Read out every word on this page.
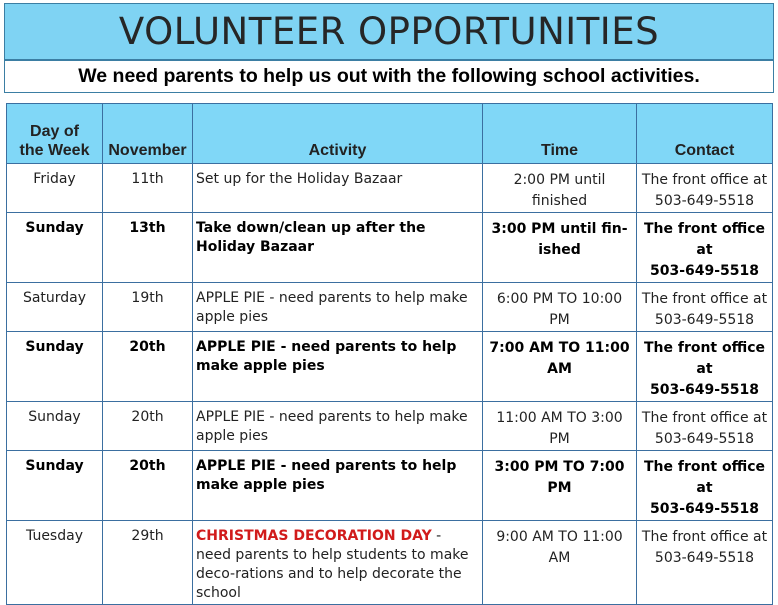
VOLUNTEER OPPORTUNITIES
We need parents to help us out with the following school activities.
Day of
the Week	November	Activity	Time	Contact
Friday	11th	Set up for the Holiday Bazaar	2:00 PM until finished	The front office at
503-649-5518
Sunday	13th	Take down/clean up after the Holiday Bazaar	3:00 PM until fin-ished	The front office at
503-649-5518
Saturday	19th	APPLE PIE - need parents to help make apple pies	6:00 PM TO 10:00 PM	The front office at
503-649-5518
Sunday	20th	APPLE PIE - need parents to help make apple pies	7:00 AM TO 11:00 AM	The front office at
503-649-5518
Sunday	20th	APPLE PIE - need parents to help make apple pies	11:00 AM TO 3:00 PM	The front office at
503-649-5518
Sunday	20th	APPLE PIE - need parents to help make apple pies	3:00 PM TO 7:00 PM	The front office at
503-649-5518
Tuesday	29th	CHRISTMAS DECORATION DAY - need parents to help students to make deco-rations and to help decorate the school	9:00 AM TO 11:00 AM	The front office at
503-649-5518
